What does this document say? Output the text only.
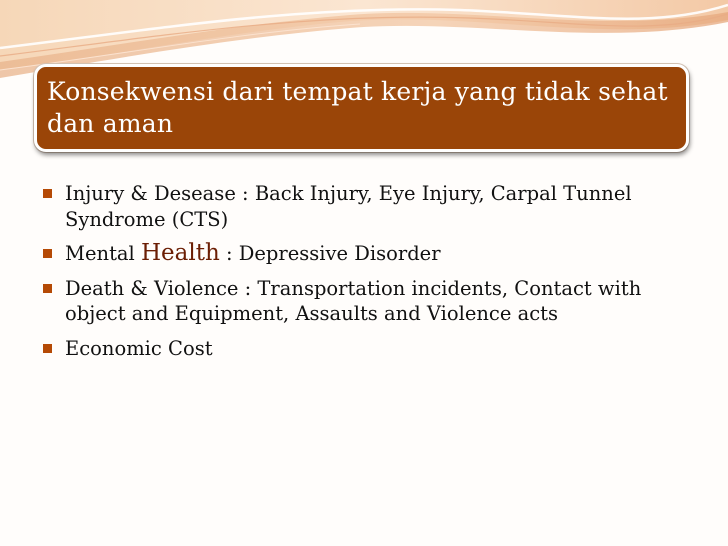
Konsekwensi dari tempat kerja yang tidak sehat dan aman
Injury & Desease : Back Injury, Eye Injury, Carpal Tunnel Syndrome (CTS)
Mental Health : Depressive Disorder
Death & Violence : Transportation incidents, Contact with object and Equipment, Assaults and Violence acts
Economic Cost
